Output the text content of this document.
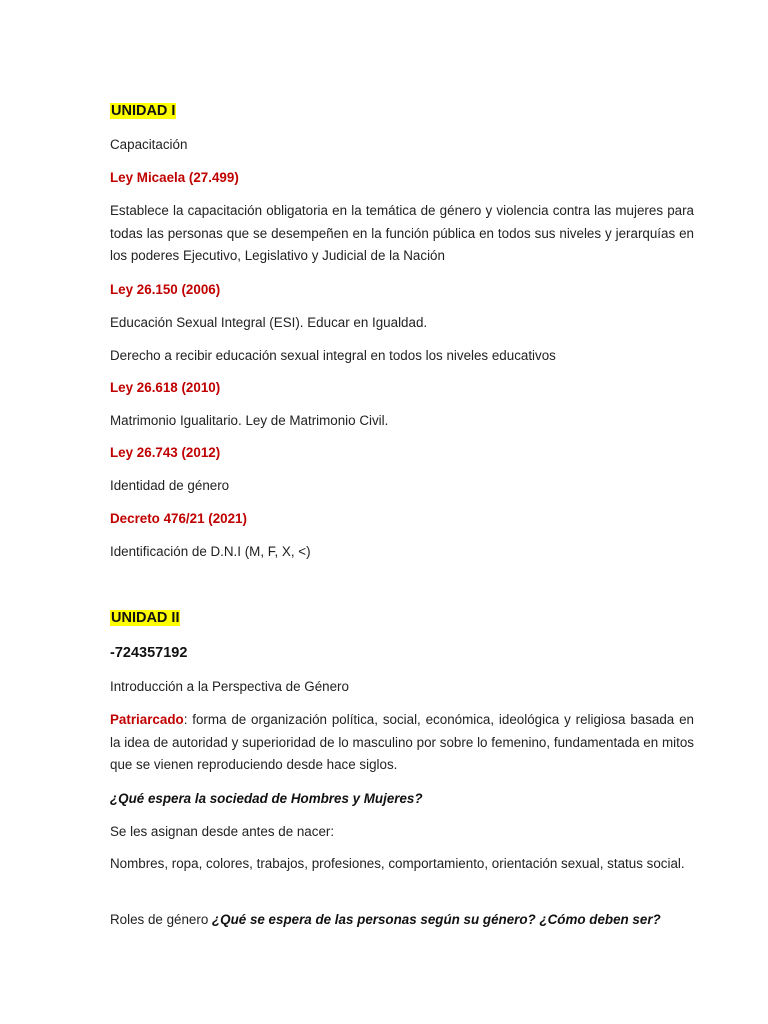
UNIDAD I
Capacitación
Ley Micaela (27.499)
Establece la capacitación obligatoria en la temática de género y violencia contra las mujeres para todas las personas que se desempeñen en la función pública en todos sus niveles y jerarquías en los poderes Ejecutivo, Legislativo y Judicial de la Nación
Ley 26.150 (2006)
Educación Sexual Integral (ESI). Educar en Igualdad.
Derecho a recibir educación sexual integral en todos los niveles educativos
Ley 26.618 (2010)
Matrimonio Igualitario. Ley de Matrimonio Civil.
Ley 26.743 (2012)
Identidad de género
Decreto 476/21 (2021)
Identificación de D.N.I (M, F, X, <)
UNIDAD II
-724357192
Introducción a la Perspectiva de Género
Patriarcado: forma de organización política, social, económica, ideológica y religiosa basada en la idea de autoridad y superioridad de lo masculino por sobre lo femenino, fundamentada en mitos que se vienen reproduciendo desde hace siglos.
¿Qué espera la sociedad de Hombres y Mujeres?
Se les asignan desde antes de nacer:
Nombres, ropa, colores, trabajos, profesiones, comportamiento, orientación sexual, status social.
Roles de género ¿Qué se espera de las personas según su género? ¿Cómo deben ser?
